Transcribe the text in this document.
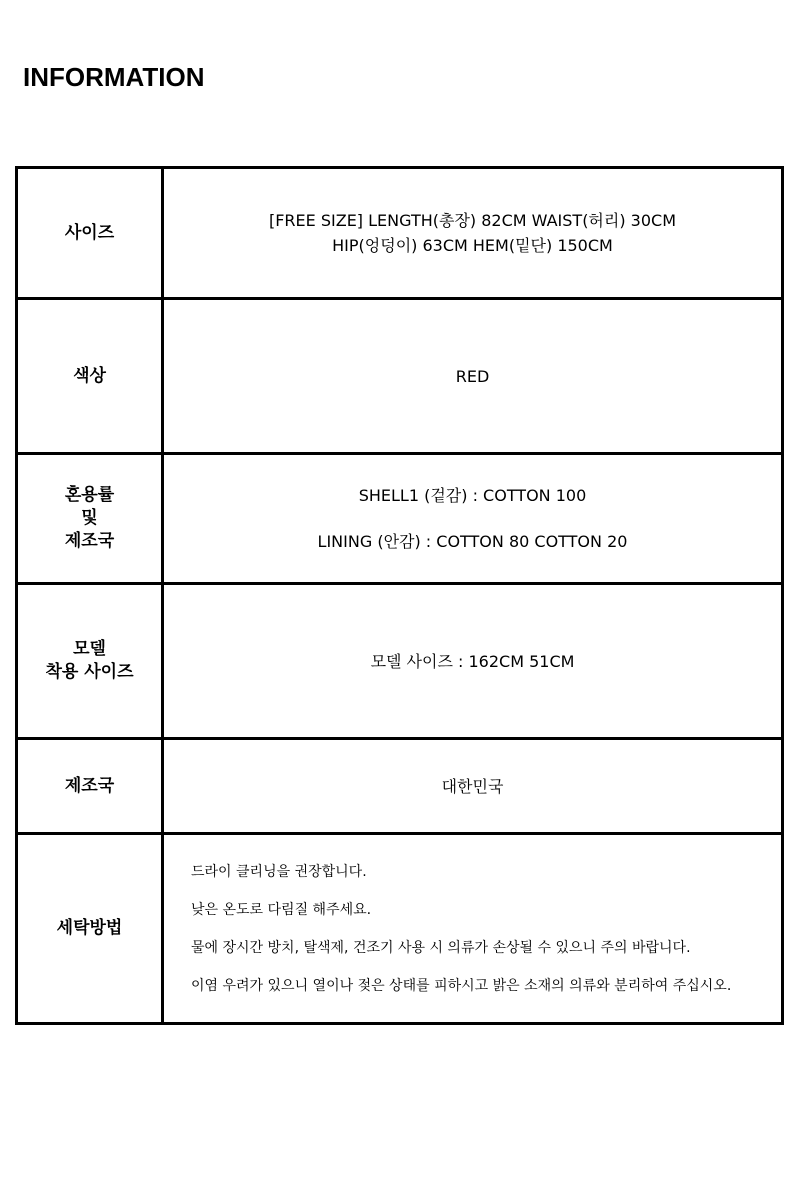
INFORMATION
사이즈	[FREE SIZE] LENGTH(총장) 82CM WAIST(허리) 30CM
HIP(엉덩이) 63CM HEM(밑단) 150CM

색상	RED

혼용률
및
제조국	SHELL1 (겉감) : COTTON 100
LINING (안감) : COTTON 80 COTTON 20

모델
착용 사이즈	모델 사이즈 : 162CM 51CM
제조국	대한민국
세탁방법	드라이 클리닝을 권장합니다.
낮은 온도로 다림질 해주세요.
물에 장시간 방치, 탈색제, 건조기 사용 시 의류가 손상될 수 있으니 주의 바랍니다.
이염 우려가 있으니 열이나 젖은 상태를 피하시고 밝은 소재의 의류와 분리하여 주십시오.
